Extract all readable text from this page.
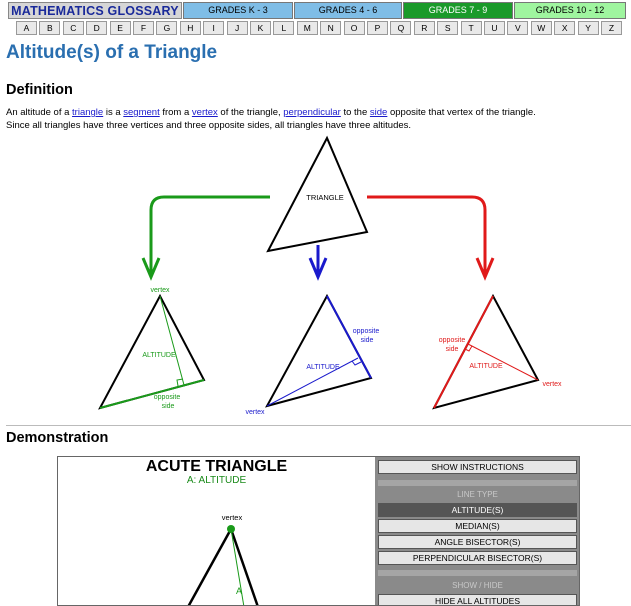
MATHEMATICS GLOSSARY	GRADES K - 3	GRADES 4 - 6	GRADES 7 - 9	GRADES 10 - 12
A	B	C	D	E	F	G	H	I	J	K	L	M	N	O	P	Q	R	S	T	U	V	W	X	Y	Z
Altitude(s) of a Triangle
Definition
An altitude of a triangle is a segment from a vertex of the triangle, perpendicular to the side opposite that vertex of the triangle.
Since all triangles have three vertices and three opposite sides, all triangles have three altitudes.
TRIANGLE
vertex
ALTITUDE
opposite
side
opposite
side
ALTITUDE
vertex
opposite
side
ALTITUDE
vertex
Demonstration
ACUTE TRIANGLE
A: ALTITUDE
vertex
A
SHOW INSTRUCTIONS
LINE TYPE
ALTITUDE(S)
MEDIAN(S)
ANGLE BISECTOR(S)
PERPENDICULAR BISECTOR(S)
SHOW / HIDE
HIDE ALL ALTITUDES
